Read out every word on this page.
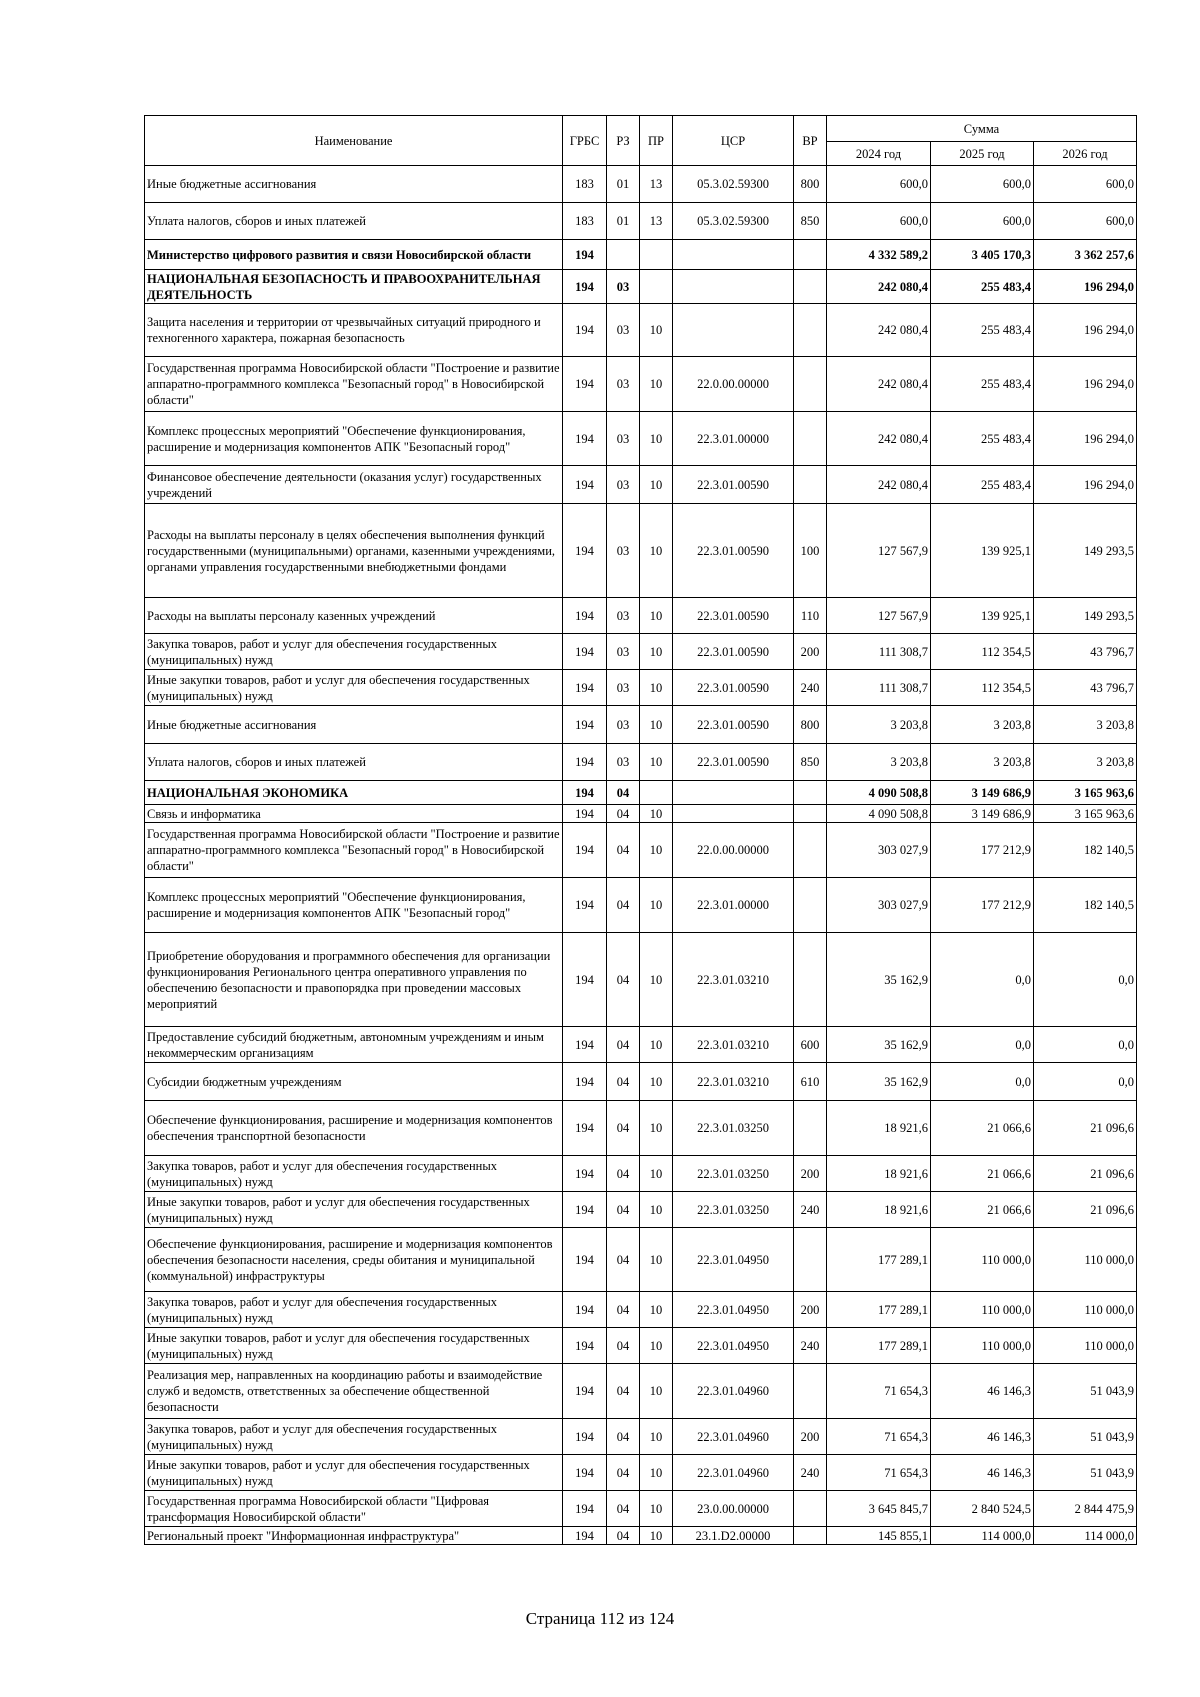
Наименование	ГРБС	РЗ	ПР	ЦСР	ВР	Сумма		
						2024 год	2025 год	2026 год
Иные бюджетные ассигнования	183	01	13	05.3.02.59300	800	600,0	600,0	600,0
Уплата налогов, сборов и иных платежей	183	01	13	05.3.02.59300	850	600,0	600,0	600,0
Министерство цифрового развития и связи Новосибирской области	194					4 332 589,2	3 405 170,3	3 362 257,6
НАЦИОНАЛЬНАЯ БЕЗОПАСНОСТЬ И ПРАВООХРАНИТЕЛЬНАЯ ДЕЯТЕЛЬНОСТЬ	194	03				242 080,4	255 483,4	196 294,0
Защита населения и территории от чрезвычайных ситуаций природного и техногенного характера, пожарная безопасность	194	03	10			242 080,4	255 483,4	196 294,0
Государственная программа Новосибирской области "Построение и развитие аппаратно-программного комплекса "Безопасный город" в Новосибирской области"	194	03	10	22.0.00.00000		242 080,4	255 483,4	196 294,0
Комплекс процессных мероприятий "Обеспечение функционирования, расширение и модернизация компонентов АПК "Безопасный город"	194	03	10	22.3.01.00000		242 080,4	255 483,4	196 294,0
Финансовое обеспечение деятельности (оказания услуг) государственных учреждений	194	03	10	22.3.01.00590		242 080,4	255 483,4	196 294,0
Расходы на выплаты персоналу в целях обеспечения выполнения функций государственными (муниципальными) органами, казенными учреждениями, органами управления государственными внебюджетными фондами	194	03	10	22.3.01.00590	100	127 567,9	139 925,1	149 293,5
Расходы на выплаты персоналу казенных учреждений	194	03	10	22.3.01.00590	110	127 567,9	139 925,1	149 293,5
Закупка товаров, работ и услуг для обеспечения государственных (муниципальных) нужд	194	03	10	22.3.01.00590	200	111 308,7	112 354,5	43 796,7
Иные закупки товаров, работ и услуг для обеспечения государственных (муниципальных) нужд	194	03	10	22.3.01.00590	240	111 308,7	112 354,5	43 796,7
Иные бюджетные ассигнования	194	03	10	22.3.01.00590	800	3 203,8	3 203,8	3 203,8
Уплата налогов, сборов и иных платежей	194	03	10	22.3.01.00590	850	3 203,8	3 203,8	3 203,8
НАЦИОНАЛЬНАЯ ЭКОНОМИКА	194	04				4 090 508,8	3 149 686,9	3 165 963,6
Связь и информатика	194	04	10			4 090 508,8	3 149 686,9	3 165 963,6
Государственная программа Новосибирской области "Построение и развитие аппаратно-программного комплекса "Безопасный город" в Новосибирской области"	194	04	10	22.0.00.00000		303 027,9	177 212,9	182 140,5
Комплекс процессных мероприятий "Обеспечение функционирования, расширение и модернизация компонентов АПК "Безопасный город"	194	04	10	22.3.01.00000		303 027,9	177 212,9	182 140,5
Приобретение оборудования и программного обеспечения для организации функционирования Регионального центра оперативного управления по обеспечению безопасности и правопорядка при проведении массовых мероприятий	194	04	10	22.3.01.03210		35 162,9	0,0	0,0
Предоставление субсидий бюджетным, автономным учреждениям и иным некоммерческим организациям	194	04	10	22.3.01.03210	600	35 162,9	0,0	0,0
Субсидии бюджетным учреждениям	194	04	10	22.3.01.03210	610	35 162,9	0,0	0,0
Обеспечение функционирования, расширение и модернизация компонентов обеспечения транспортной безопасности	194	04	10	22.3.01.03250		18 921,6	21 066,6	21 096,6
Закупка товаров, работ и услуг для обеспечения государственных (муниципальных) нужд	194	04	10	22.3.01.03250	200	18 921,6	21 066,6	21 096,6
Иные закупки товаров, работ и услуг для обеспечения государственных (муниципальных) нужд	194	04	10	22.3.01.03250	240	18 921,6	21 066,6	21 096,6
Обеспечение функционирования, расширение и модернизация компонентов обеспечения безопасности населения, среды обитания и муниципальной (коммунальной) инфраструктуры	194	04	10	22.3.01.04950		177 289,1	110 000,0	110 000,0
Закупка товаров, работ и услуг для обеспечения государственных (муниципальных) нужд	194	04	10	22.3.01.04950	200	177 289,1	110 000,0	110 000,0
Иные закупки товаров, работ и услуг для обеспечения государственных (муниципальных) нужд	194	04	10	22.3.01.04950	240	177 289,1	110 000,0	110 000,0
Реализация мер, направленных на координацию работы и взаимодействие служб и ведомств, ответственных за обеспечение общественной безопасности	194	04	10	22.3.01.04960		71 654,3	46 146,3	51 043,9
Закупка товаров, работ и услуг для обеспечения государственных (муниципальных) нужд	194	04	10	22.3.01.04960	200	71 654,3	46 146,3	51 043,9
Иные закупки товаров, работ и услуг для обеспечения государственных (муниципальных) нужд	194	04	10	22.3.01.04960	240	71 654,3	46 146,3	51 043,9
Государственная программа Новосибирской области "Цифровая трансформация Новосибирской области"	194	04	10	23.0.00.00000		3 645 845,7	2 840 524,5	2 844 475,9
Региональный проект "Информационная инфраструктура"	194	04	10	23.1.D2.00000		145 855,1	114 000,0	114 000,0
Страница 112 из 124
